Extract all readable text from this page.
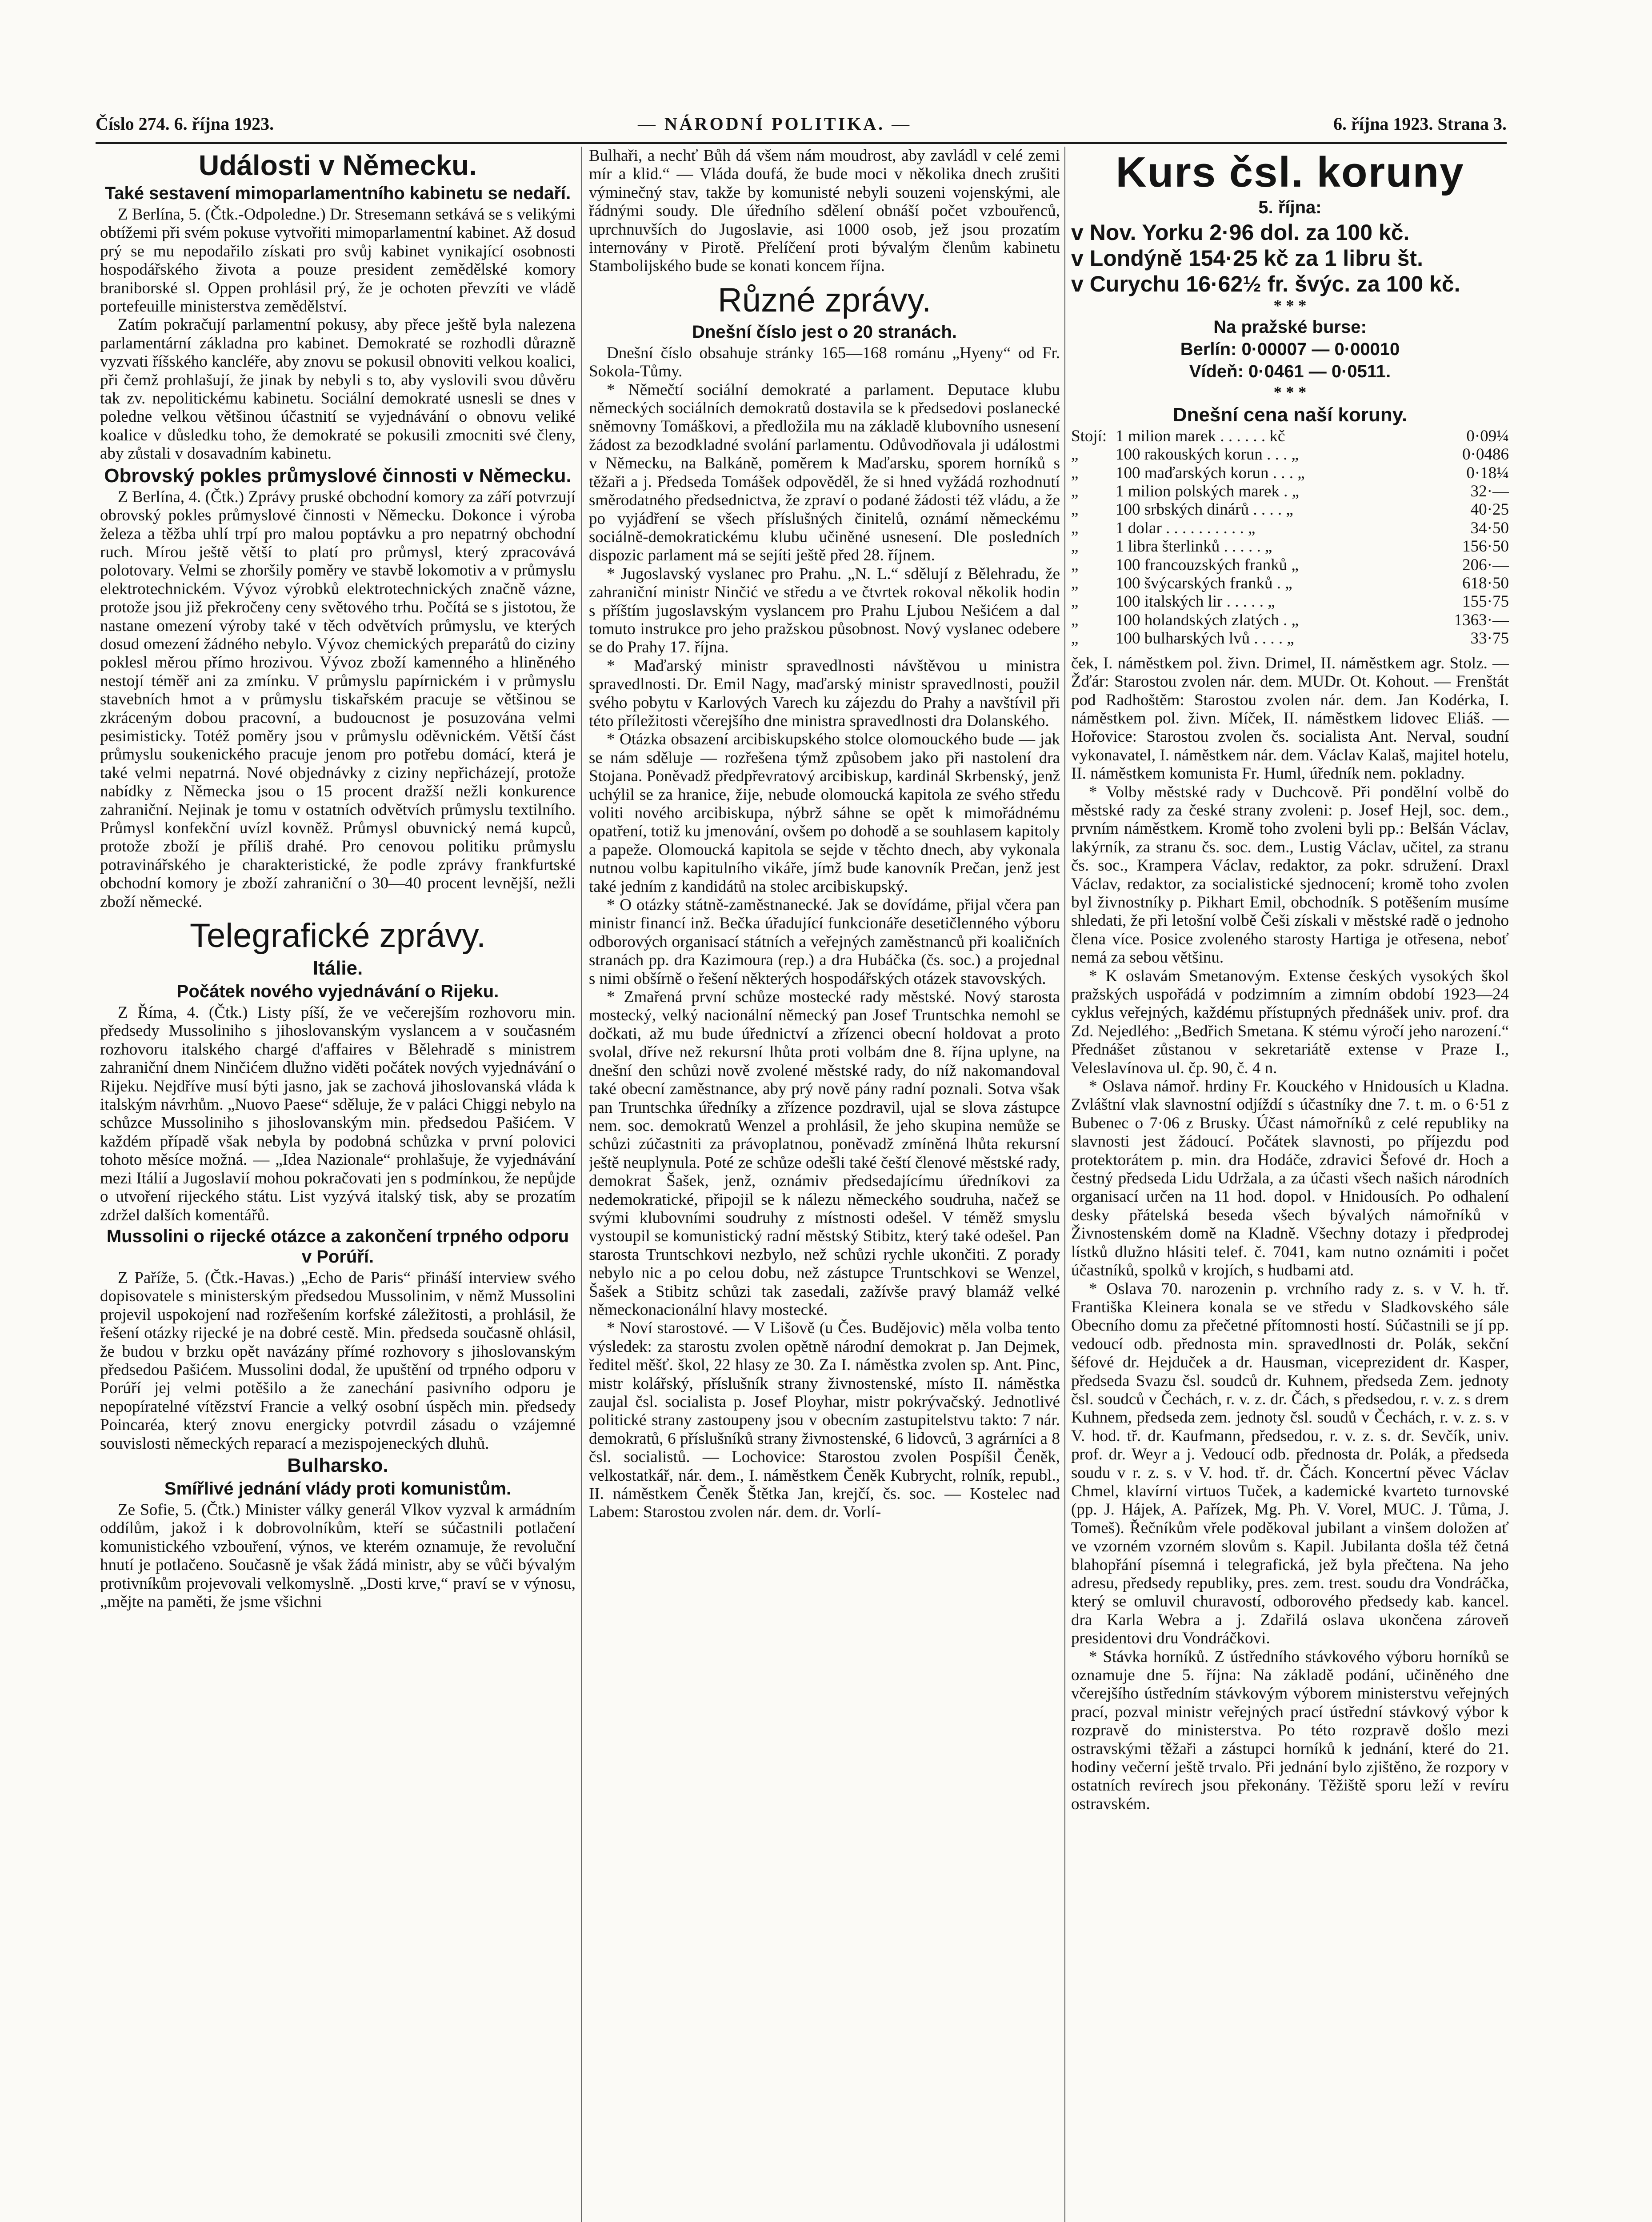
Číslo 274. 6. října 1923.	— NÁRODNÍ POLITIKA. —	6. října 1923. Strana 3.
Události v Německu.
Také sestavení mimoparlamentního kabinetu se nedaří.

Z Berlína, 5. (Čtk.-Odpoledne.) Dr. Stresemann setkává se s velikými obtížemi při svém pokuse vytvořiti mimoparlamentní kabinet. Až dosud prý se mu nepodařilo získati pro svůj kabinet vynikající osobnosti hospodářského života a pouze president zemědělské komory braniborské sl. Oppen prohlásil prý, že je ochoten převzíti ve vládě portefeuille ministerstva zemědělství.

Zatím pokračují parlamentní pokusy, aby přece ještě byla nalezena parlamentární základna pro kabinet. Demokraté se rozhodli důrazně vyzvati říšského kancléře, aby znovu se pokusil obnoviti velkou koalici, při čemž prohlašují, že jinak by nebyli s to, aby vyslovili svou důvěru tak zv. nepolitickému kabinetu. Sociální demokraté usnesli se dnes v poledne velkou většinou účastnití se vyjednávání o obnovu veliké koalice v důsledku toho, že demokraté se pokusili zmocniti své členy, aby zůstali v dosavadním kabinetu.

Obrovský pokles průmyslové činnosti v Německu.

Z Berlína, 4. (Čtk.) Zprávy pruské obchodní komory za září potvrzují obrovský pokles průmyslové činnosti v Německu. Dokonce i výroba železa a těžba uhlí trpí pro malou poptávku a pro nepatrný obchodní ruch. Mírou ještě větší to platí pro průmysl, který zpracovává polotovary. Velmi se zhoršily poměry ve stavbě lokomotiv a v průmyslu elektrotechnickém. Vývoz výrobků elektrotechnických značně vázne, protože jsou již překročeny ceny světového trhu. Počítá se s jistotou, že nastane omezení výroby také v těch odvětvích průmyslu, ve kterých dosud omezení žádného nebylo. Vývoz chemických preparátů do ciziny poklesl měrou přímo hrozivou. Vývoz zboží kamenného a hliněného nestojí téměř ani za zmínku. V průmyslu papírnickém i v průmyslu stavebních hmot a v průmyslu tiskařském pracuje se většinou se zkráceným dobou pracovní, a budoucnost je posuzována velmi pesimisticky. Totéž poměry jsou v průmyslu oděvnickém. Větší část průmyslu soukenického pracuje jenom pro potřebu domácí, která je také velmi nepatrná. Nové objednávky z ciziny nepřicházejí, protože nabídky z Německa jsou o 15 procent dražší nežli konkurence zahraniční. Nejinak je tomu v ostatních odvětvích průmyslu textilního. Průmysl konfekční uvízl kovněž. Průmysl obuvnický nemá kupců, protože zboží je příliš drahé. Pro cenovou politiku průmyslu potravinářského je charakteristické, že podle zprávy frankfurtské obchodní komory je zboží zahraniční o 30—40 procent levnější, nežli zboží německé.

Telegrafické zprávy.
Itálie.
Počátek nového vyjednávání o Rijeku.

Z Říma, 4. (Čtk.) Listy píší, že ve večerejším rozhovoru min. předsedy Mussoliniho s jihoslovanským vyslancem a v současném rozhovoru italského chargé d'affaires v Bělehradě s ministrem zahraniční dnem Ninčićem dlužno viděti počátek nových vyjednávání o Rijeku. Nejdříve musí býti jasno, jak se zachová jihoslovanská vláda k italským návrhům. „Nuovo Paese“ sděluje, že v paláci Chiggi nebylo na schůzce Mussoliniho s jihoslovanským min. předsedou Pašićem. V každém případě však nebyla by podobná schůzka v první polovici tohoto měsíce možná. — „Idea Nazionale“ prohlašuje, že vyjednávání mezi Itálií a Jugoslavií mohou pokračovati jen s podmínkou, že nepůjde o utvoření rijeckého státu. List vyzývá italský tisk, aby se prozatím zdržel dalších komentářů.

Mussolini o rijecké otázce a zakončení trpného odporu v Porúří.

Z Paříže, 5. (Čtk.-Havas.) „Echo de Paris“ přináší interview svého dopisovatele s ministerským předsedou Mussolinim, v němž Mussolini projevil uspokojení nad rozřešením korfské záležitosti, a prohlásil, že řešení otázky rijecké je na dobré cestě. Min. předseda současně ohlásil, že budou v brzku opět navázány přímé rozhovory s jihoslovanským předsedou Pašićem. Mussolini dodal, že upuštění od trpného odporu v Porúří jej velmi potěšilo a že zanechání pasivního odporu je nepopíratelné vítězství Francie a velký osobní úspěch min. předsedy Poincaréa, který znovu energicky potvrdil zásadu o vzájemné souvislosti německých reparací a mezispojeneckých dluhů.

Bulharsko.
Smířlivé jednání vlády proti komunistům.

Ze Sofie, 5. (Čtk.) Minister války generál Vlkov vyzval k armádním oddílům, jakož i k dobrovolníkům, kteří se súčastnili potlačení komunistického vzbouření, výnos, ve kterém oznamuje, že revoluční hnutí je potlačeno. Současně je však žádá ministr, aby se vůči bývalým protivníkům projevovali velkomyslně. „Dosti krve,“ praví se v výnosu, „mějte na paměti, že jsme všichni

Bulhaři, a nechť Bůh dá všem nám moudrost, aby zavládl v celé zemi mír a klid.“ — Vláda doufá, že bude moci v několika dnech zrušiti výminečný stav, takže by komunisté nebyli souzeni vojenskými, ale řádnými soudy. Dle úředního sdělení obnáší počet vzbouřenců, uprchnuvších do Jugoslavie, asi 1000 osob, jež jsou prozatím internovány v Pirotě. Přelíčení proti bývalým členům kabinetu Stambolijského bude se konati koncem října.

Různé zprávy.
Dnešní číslo jest o 20 stranách.

Dnešní číslo obsahuje stránky 165—168 románu „Hyeny“ od Fr. Sokola-Tůmy.

* Němečtí sociální demokraté a parlament. Deputace klubu německých sociálních demokratů dostavila se k předsedovi poslanecké sněmovny Tomáškovi, a předložila mu na základě klubovního usnesení žádost za bezodkladné svolání parlamentu. Odůvodňovala ji událostmi v Německu, na Balkáně, poměrem k Maďarsku, sporem horníků s těžaři a j. Předseda Tomášek odpověděl, že si hned vyžádá rozhodnutí směrodatného předsednictva, že zpraví o podané žádosti též vládu, a že po vyjádření se všech příslušných činitelů, oznámí německému sociálně-demokratickému klubu učiněné usnesení. Dle posledních dispozic parlament má se sejíti ještě před 28. říjnem.

* Jugoslavský vyslanec pro Prahu. „N. L.“ sdělují z Bělehradu, že zahraniční ministr Ninčić ve středu a ve čtvrtek rokoval několik hodin s příštím jugoslavským vyslancem pro Prahu Ljubou Nešićem a dal tomuto instrukce pro jeho pražskou působnost. Nový vyslanec odebere se do Prahy 17. října.

* Maďarský ministr spravedlnosti návštěvou u ministra spravedlnosti. Dr. Emil Nagy, maďarský ministr spravedlnosti, použil svého pobytu v Karlových Varech ku zájezdu do Prahy a navštívil při této příležitosti včerejšího dne ministra spravedlnosti dra Dolanského.

* Otázka obsazení arcibiskupského stolce olomouckého bude — jak se nám sděluje — rozřešena týmž způsobem jako při nastolení dra Stojana. Poněvadž předpřevratový arcibiskup, kardinál Skrbenský, jenž uchýlil se za hranice, žije, nebude olomoucká kapitola ze svého středu voliti nového arcibiskupa, nýbrž sáhne se opět k mimořádnému opatření, totiž ku jmenování, ovšem po dohodě a se souhlasem kapitoly a papeže. Olomoucká kapitola se sejde v těchto dnech, aby vykonala nutnou volbu kapitulního vikáře, jímž bude kanovník Prečan, jenž jest také jedním z kandidátů na stolec arcibiskupský.

* O otázky státně-zaměstnanecké. Jak se dovídáme, přijal včera pan ministr financí inž. Bečka úřadující funkcionáře desetičlenného výboru odborových organisací státních a veřejných zaměstnanců při koaličních stranách pp. dra Kazimoura (rep.) a dra Hubáčka (čs. soc.) a projednal s nimi obšírně o řešení některých hospodářských otázek stavovských.

* Zmařená první schůze mostecké rady městské. Nový starosta mostecký, velký nacionální německý pan Josef Truntschka nemohl se dočkati, až mu bude úřednictví a zřízenci obecní holdovat a proto svolal, dříve než rekursní lhůta proti volbám dne 8. října uplyne, na dnešní den schůzi nově zvolené městské rady, do níž nakomandoval také obecní zaměstnance, aby prý nově pány radní poznali. Sotva však pan Truntschka úředníky a zřízence pozdravil, ujal se slova zástupce nem. soc. demokratů Wenzel a prohlásil, že jeho skupina nemůže se schůzi zúčastniti za právoplatnou, poněvadž zmíněná lhůta rekursní ještě neuplynula. Poté ze schůze odešli také čeští členové městské rady, demokrat Šašek, jenž, oznámiv předsedajícímu úředníkovi za nedemokratické, připojil se k nálezu německého soudruha, načež se svými klubovními soudruhy z místnosti odešel. V téměž smyslu vystoupil se komunistický radní městský Stibitz, který také odešel. Pan starosta Truntschkovi nezbylo, než schůzi rychle ukončiti. Z porady nebylo nic a po celou dobu, než zástupce Truntschkovi se Wenzel, Šašek a Stibitz schůzi tak zasedali, zažívše pravý blamáž velké německonacionální hlavy mostecké.

* Noví starostové. — V Lišově (u Čes. Budějovic) měla volba tento výsledek: za starostu zvolen opětně národní demokrat p. Jan Dejmek, ředitel měšť. škol, 22 hlasy ze 30. Za I. náměstka zvolen sp. Ant. Pinc, mistr kolářský, příslušník strany živnostenské, místo II. náměstka zaujal čsl. socialista p. Josef Ployhar, mistr pokrývačský. Jednotlivé politické strany zastoupeny jsou v obecním zastupitelstvu takto: 7 nár. demokratů, 6 příslušníků strany živnostenské, 6 lidovců, 3 agrárníci a 8 čsl. socialistů. — Lochovice: Starostou zvolen Pospíšil Čeněk, velkostatkář, nár. dem., I. náměstkem Čeněk Kubrycht, rolník, republ., II. náměstkem Čeněk Štětka Jan, krejčí, čs. soc. — Kostelec nad Labem: Starostou zvolen nár. dem. dr. Vorlí-

Kurs čsl. koruny
5. října:
v Nov. Yorku 2·96 dol. za 100 kč.
v Londýně 154·25 kč za 1 libru št.
v Curychu 16·62½ fr. švýc. za 100 kč.
* * *
Na pražské burse:
Berlín: 0·00007 — 0·00010
Vídeň: 0·0461 — 0·0511.
* * *
Dnešní cena naší koruny.
Stojí:	1 milion marek . . . . . . kč	0·09¼
„	100 rakouských korun . . . „	0·0486
„	100 maďarských korun . . . „	0·18¼
„	1 milion polských marek . „	32·—
„	100 srbských dinárů . . . . „	40·25
„	1 dolar . . . . . . . . . . „	34·50
„	1 libra šterlinků . . . . . „	156·50
„	100 francouzských franků „	206·—
„	100 švýcarských franků . „	618·50
„	100 italských lir . . . . . „	155·75
„	100 holandských zlatých . „	1363·—
„	100 bulharských lvů . . . . „	33·75

ček, I. náměstkem pol. živn. Drimel, II. náměstkem agr. Stolz. — Žďár: Starostou zvolen nár. dem. MUDr. Ot. Kohout. — Frenštát pod Radhoštěm: Starostou zvolen nár. dem. Jan Kodérka, I. náměstkem pol. živn. Míček, II. náměstkem lidovec Eliáš. — Hořovice: Starostou zvolen čs. socialista Ant. Nerval, soudní vykonavatel, I. náměstkem nár. dem. Václav Kalaš, majitel hotelu, II. náměstkem komunista Fr. Huml, úředník nem. pokladny.

* Volby městské rady v Duchcově. Při pondělní volbě do městské rady za české strany zvoleni: p. Josef Hejl, soc. dem., prvním náměstkem. Kromě toho zvoleni byli pp.: Belšán Václav, lakýrník, za stranu čs. soc. dem., Lustig Václav, učitel, za stranu čs. soc., Krampera Václav, redaktor, za pokr. sdružení. Draxl Václav, redaktor, za socialistické sjednocení; kromě toho zvolen byl živnostníky p. Pikhart Emil, obchodník. S potěšením musíme shledati, že při letošní volbě Češi získali v městské radě o jednoho člena více. Posice zvoleného starosty Hartiga je otřesena, neboť nemá za sebou většinu.

* K oslavám Smetanovým. Extense českých vysokých škol pražských uspořádá v podzimním a zimním období 1923—24 cyklus veřejných, každému přístupných přednášek univ. prof. dra Zd. Nejedlého: „Bedřich Smetana. K stému výročí jeho narození.“ Přednášet zůstanou v sekretariátě extense v Praze I., Veleslavínova ul. čp. 90, č. 4 n.

* Oslava námoř. hrdiny Fr. Kouckého v Hnidousích u Kladna. Zvláštní vlak slavnostní odjíždí s účastníky dne 7. t. m. o 6·51 z Bubenec o 7·06 z Brusky. Účast námořníků z celé republiky na slavnosti jest žádoucí. Počátek slavnosti, po příjezdu pod protektorátem p. min. dra Hodáče, zdravici Šefové dr. Hoch a čestný předseda Lidu Udržala, a za účasti všech našich národních organisací určen na 11 hod. dopol. v Hnidousích. Po odhalení desky přátelská beseda všech bývalých námořníků v Živnostenském domě na Kladně. Všechny dotazy i předprodej lístků dlužno hlásiti telef. č. 7041, kam nutno oznámiti i počet účastníků, spolků v krojích, s hudbami atd.

* Oslava 70. narozenin p. vrchního rady z. s. v V. h. tř. Františka Kleinera konala se ve středu v Sladkovského sále Obecního domu za přečetné přítomnosti hostí. Súčastnili se jí pp. vedoucí odb. přednosta min. spravedlnosti dr. Polák, sekční šéfové dr. Hejduček a dr. Hausman, viceprezident dr. Kasper, předseda Svazu čsl. soudců dr. Kuhnem, předseda Zem. jednoty čsl. soudců v Čechách, r. v. z. dr. Čách, s předsedou, r. v. z. s drem Kuhnem, předseda zem. jednoty čsl. soudů v Čechách, r. v. z. s. v V. hod. tř. dr. Kaufmann, předsedou, r. v. z. s. dr. Sevčík, univ. prof. dr. Weyr a j. Vedoucí odb. přednosta dr. Polák, a předseda soudu v r. z. s. v V. hod. tř. dr. Čách. Koncertní pěvec Václav Chmel, klavírní virtuos Tuček, a kademické kvarteto turnovské (pp. J. Hájek, A. Pařízek, Mg. Ph. V. Vorel, MUC. J. Tůma, J. Tomeš). Řečníkům vřele poděkoval jubilant a vinšem doložen ať ve vzorném vzorném slovům s. Kapil. Jubilanta došla též četná blahopřání písemná i telegrafická, jež byla přečtena. Na jeho adresu, předsedy republiky, pres. zem. trest. soudu dra Vondráčka, který se omluvil churavostí, odborového předsedy kab. kancel. dra Karla Webra a j. Zdařilá oslava ukončena zároveň presidentovi dru Vondráčkovi.

* Stávka horníků. Z ústředního stávkového výboru horníků se oznamuje dne 5. října: Na základě podání, učiněného dne včerejšího ústředním stávkovým výborem ministerstvu veřejných prací, pozval ministr veřejných prací ústřední stávkový výbor k rozpravě do ministerstva. Po této rozpravě došlo mezi ostravskými těžaři a zástupci horníků k jednání, které do 21. hodiny večerní ještě trvalo. Při jednání bylo zjištěno, že rozpory v ostatních revírech jsou překonány. Těžiště sporu leží v revíru ostravském.
